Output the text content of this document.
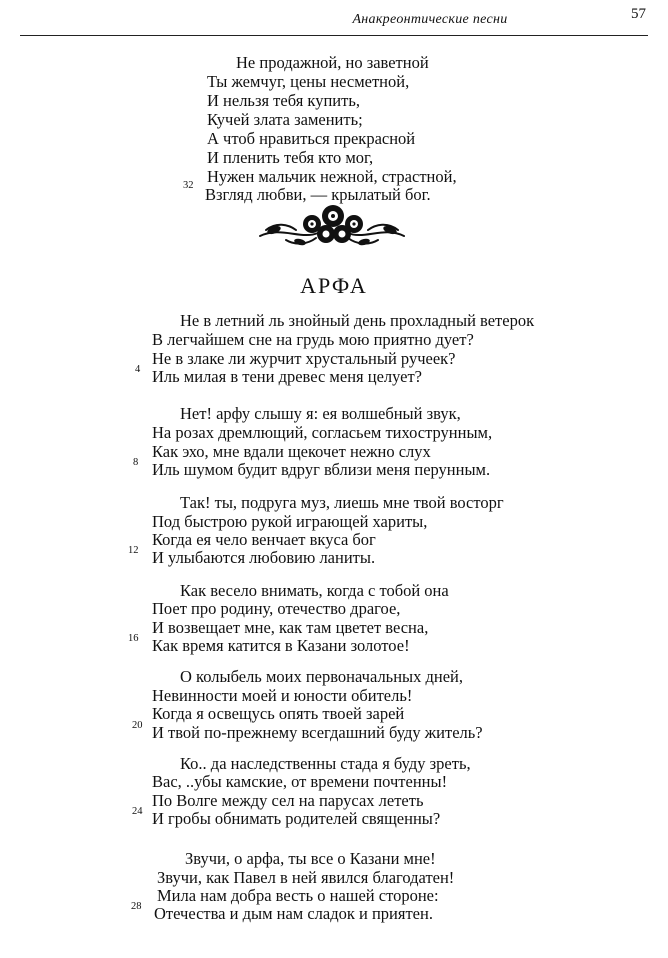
Анакреонтические песни	57
Не продажной, но заветной
Ты жемчуг, цены несметной,
И нельзя тебя купить,
Кучей злата заменить;
А чтоб нравиться прекрасной
И пленить тебя кто мог,
Нужен мальчик нежной, страстной,
Взгляд любви, — крылатый бог.
32
АРФА
Не в летний ль знойный день прохладный ветерок
В легчайшем сне на грудь мою приятно дует?
Не в злаке ли журчит хрустальный ручеек?
Иль милая в тени древес меня целует?
4
Нет! арфу слышу я: ея волшебный звук,
На розах дремлющий, согласьем тихострунным,
Как эхо, мне вдали щекочет нежно слух
Иль шумом будит вдруг вблизи меня перунным.
8
Так! ты, подруга муз, лиешь мне твой восторг
Под быстрою рукой играющей хариты,
Когда ея чело венчает вкуса бог
И улыбаются любовию ланиты.
12
Как весело внимать, когда с тобой она
Поет про родину, отечество драгое,
И возвещает мне, как там цветет весна,
Как время катится в Казани золотое!
16
О колыбель моих первоначальных дней,
Невинности моей и юности обитель!
Когда я освещусь опять твоей зарей
И твой по-прежнему всегдашний буду житель?
20
Ко.. да наследственны стада я буду зреть,
Вас, ..убы камские, от времени почтенны!
По Волге между сел на парусах лететь
И гробы обнимать родителей священны?
24
Звучи, о арфа, ты все о Казани мне!
Звучи, как Павел в ней явился благодатен!
Мила нам добра весть о нашей стороне:
Отечества и дым нам сладок и приятен.
28
